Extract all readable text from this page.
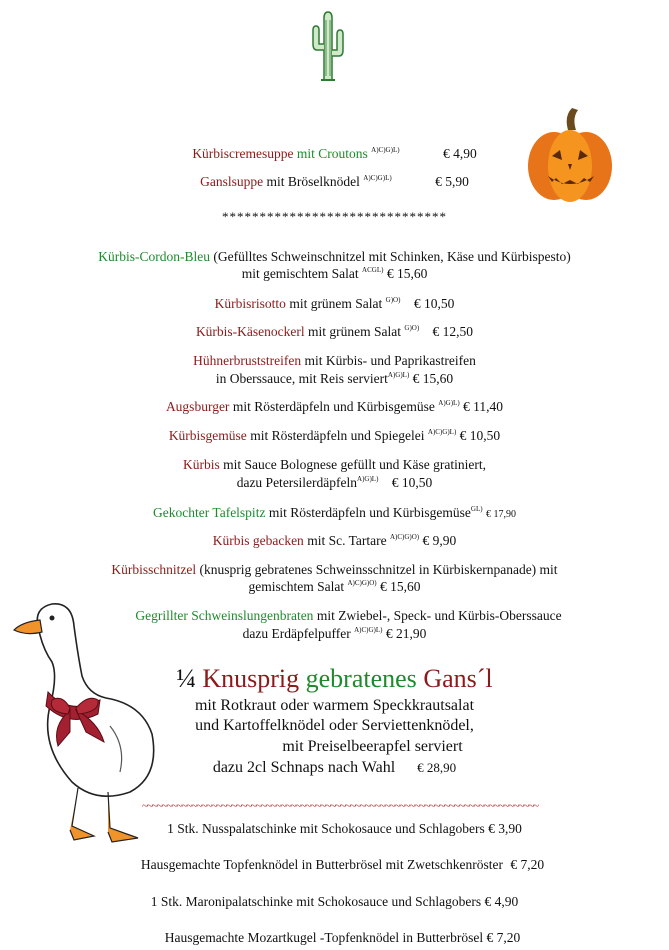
Kürbiscremesuppe mit Croutons $^{A)C)G)L)}$	€ 4,90
Ganslsuppe mit Bröselknödel $^{A)C)G)L)}$	€ 5,90
******************************
Kürbis-Cordon-Bleu (Gefülltes Schweinschnitzel mit Schinken, Käse und Kürbispesto)
mit gemischtem Salat $^{ACGL)}$ € 15,60
Kürbisrisotto mit grünem Salat $^{G)O)}$ € 10,50
Kürbis-Käsenockerl mit grünem Salat $^{G)O)}$ € 12,50
Hühnerbruststreifen mit Kürbis- und Paprikastreifen
in Oberssauce, mit Reis serviert$^{A)G)L)}$ € 15,60
Augsburger mit Rösterdäpfeln und Kürbisgemüse $^{A)G)L)}$ € 11,40
Kürbisgemüse mit Rösterdäpfeln und Spiegelei $^{A)C)G)L)}$ € 10,50
Kürbis mit Sauce Bolognese gefüllt und Käse gratiniert,
dazu Petersilerdäpfeln$^{A)G)L)}$ € 10,50
Gekochter Tafelspitz mit Rösterdäpfeln und Kürbisgemüse$^{GL)}$ € 17,90
Kürbis gebacken mit Sc. Tartare $^{A)C)G)O)}$ € 9,90
Kürbisschnitzel (knusprig gebratenes Schweinsschnitzel in Kürbiskernpanade) mit
gemischtem Salat $^{A)C)G)O)}$ € 15,60
Gegrillter Schweinslungenbraten mit Zwiebel-, Speck- und Kürbis-Oberssauce
dazu Erdäpfelpuffer $^{A)C)G)L)}$ € 21,90
¼ Knusprig gebratenes Gans´l
mit Rotkraut oder warmem Speckkrautsalat
und Kartoffelknödel oder Serviettenknödel,
mit Preiselbeerapfel serviert
dazu 2cl Schnaps nach Wahl € 28,90
~~~~~~~~~~~~~~~~~~~~~~~~~~~~~~~~~~~~~~~~~~~~~~~~~~~~~~~~~~~~~~~~~~~~~~~~~~~~~~~~
1 Stk. Nusspalatschinke mit Schokosauce und Schlagobers € 3,90
Hausgemachte Topfenknödel in Butterbrösel mit Zwetschkenröster € 7,20
1 Stk. Maronipalatschinke mit Schokosauce und Schlagobers € 4,90
Hausgemachte Mozartkugel -Topfenknödel in Butterbrösel € 7,20
